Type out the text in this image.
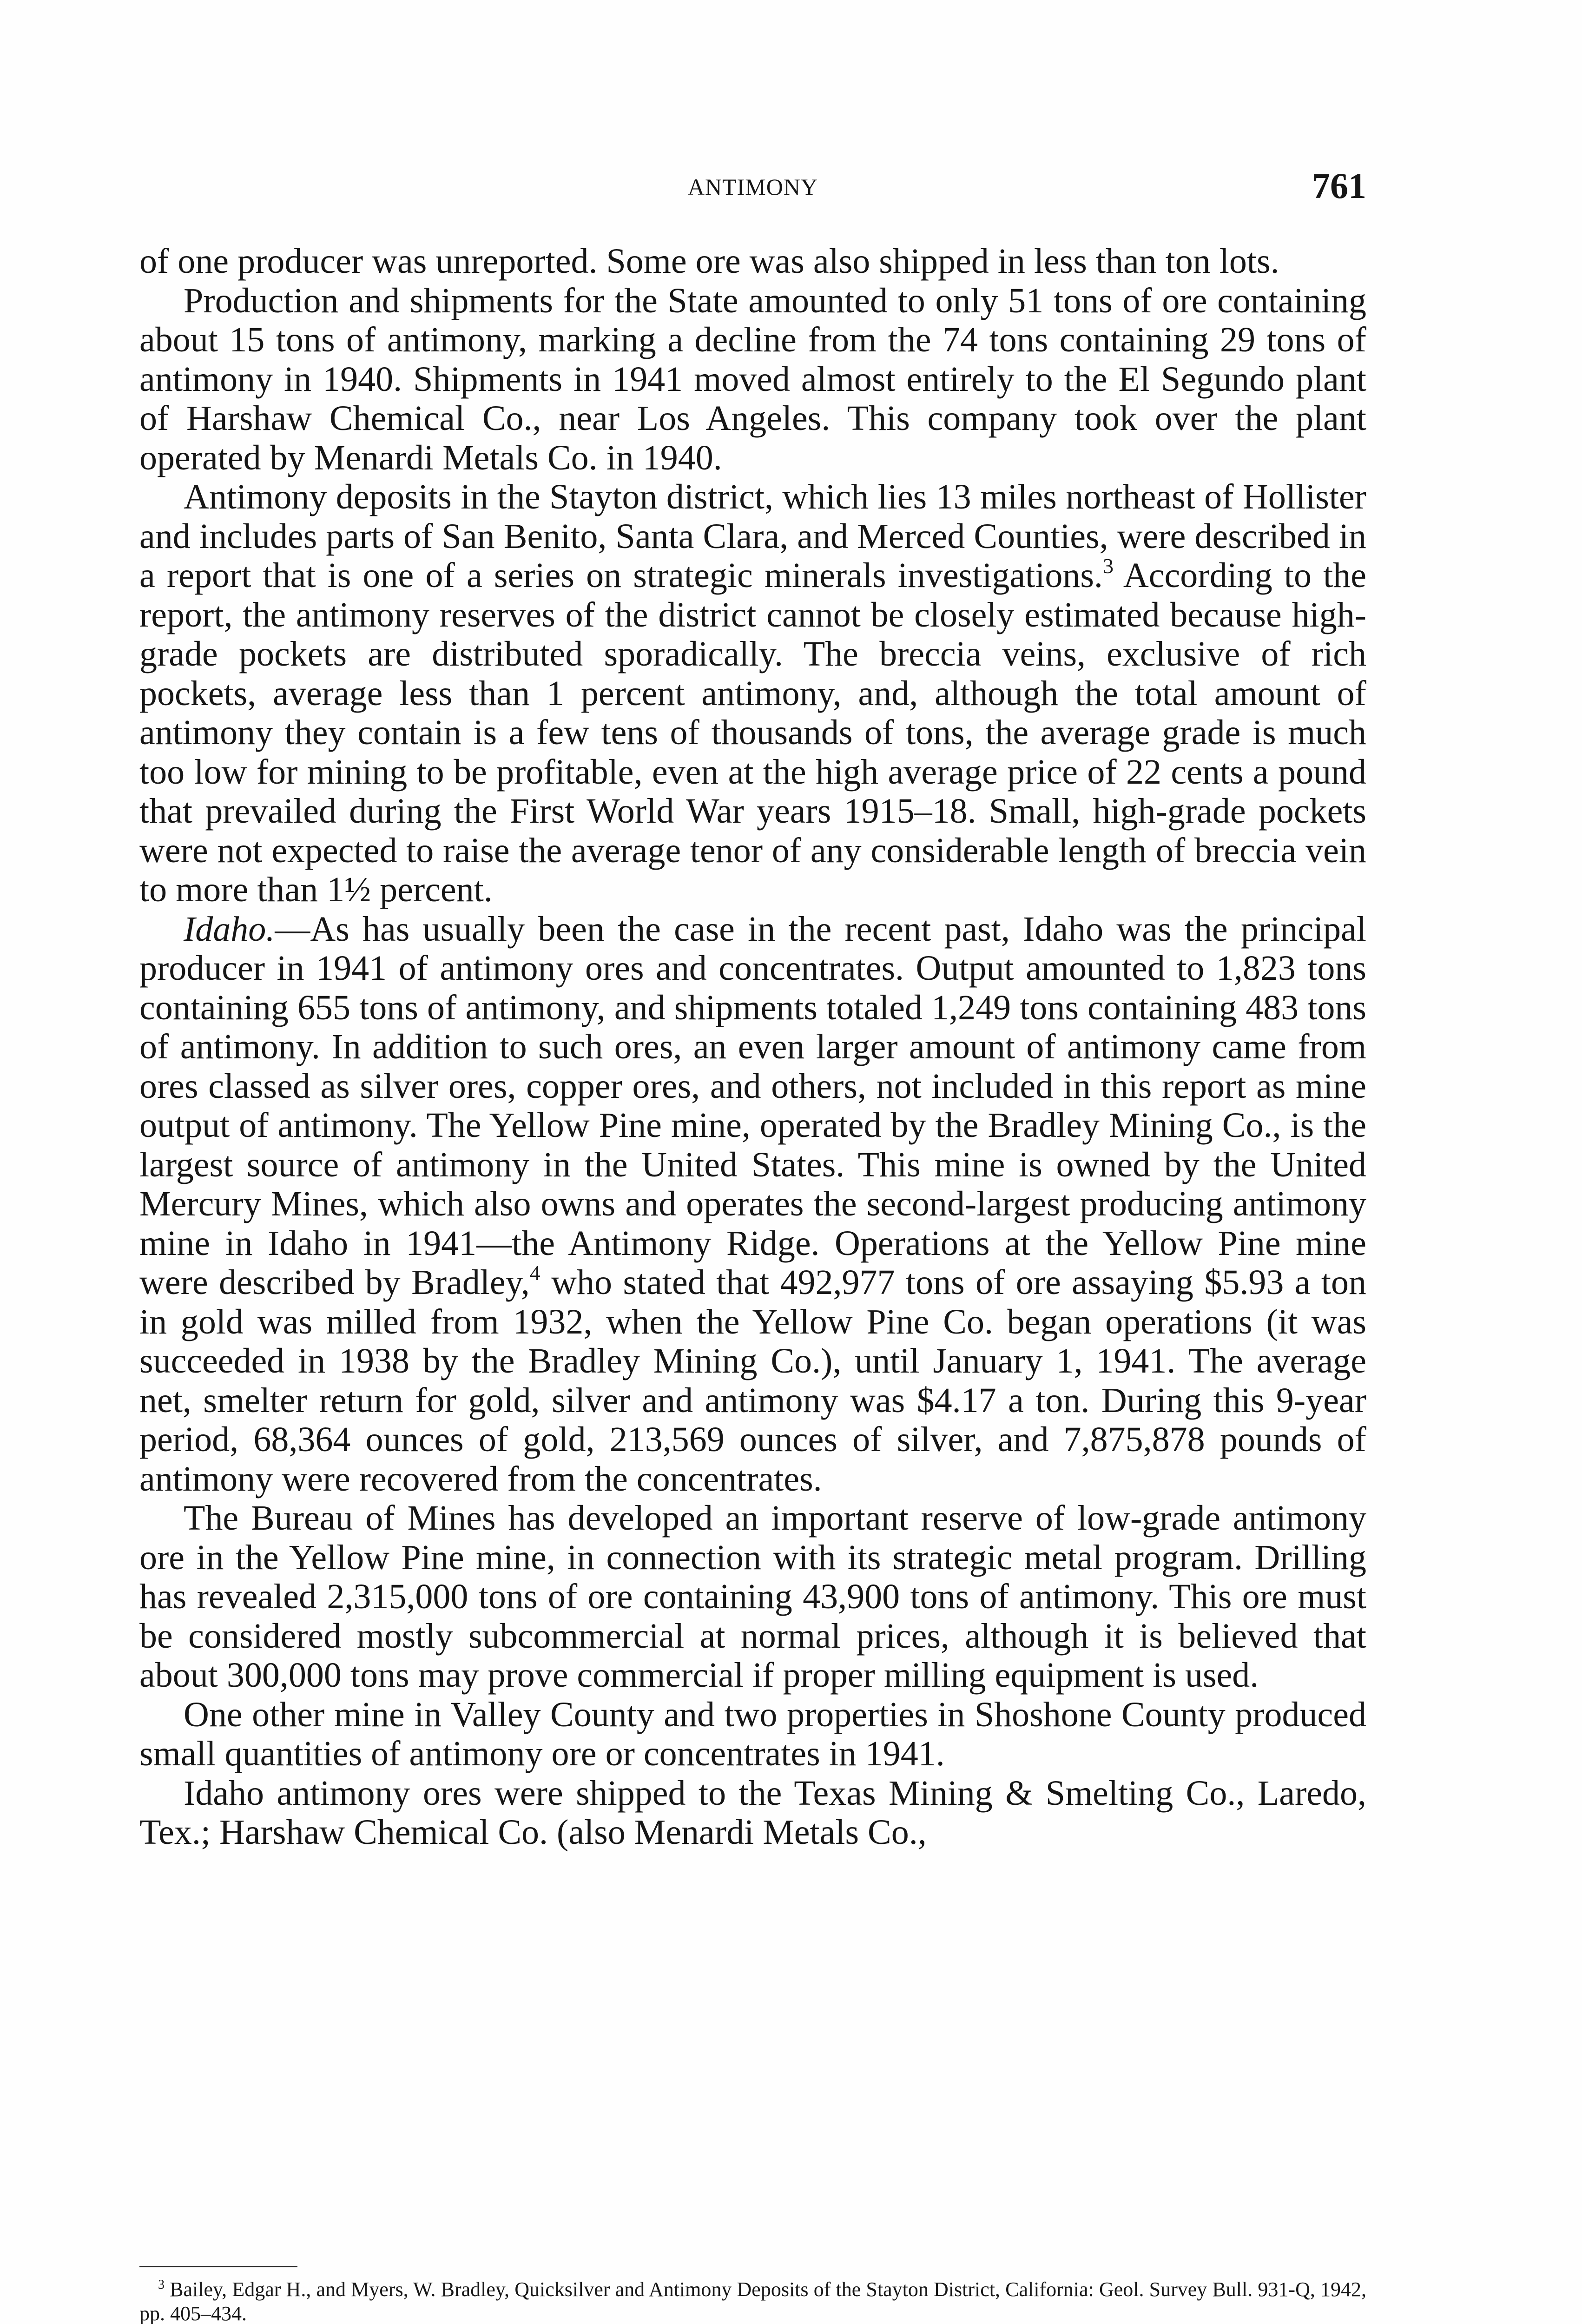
ANTIMONY	761

of one producer was unreported. Some ore was also shipped in less than ton lots.

Production and shipments for the State amounted to only 51 tons of ore containing about 15 tons of antimony, marking a decline from the 74 tons containing 29 tons of antimony in 1940. Shipments in 1941 moved almost entirely to the El Segundo plant of Harshaw Chemical Co., near Los Angeles. This company took over the plant operated by Menardi Metals Co. in 1940.

Antimony deposits in the Stayton district, which lies 13 miles northeast of Hollister and includes parts of San Benito, Santa Clara, and Merced Counties, were described in a report that is one of a series on strategic minerals investigations.$^3$ According to the report, the antimony reserves of the district cannot be closely estimated because high-grade pockets are distributed sporadically. The breccia veins, exclusive of rich pockets, average less than 1 percent antimony, and, although the total amount of antimony they contain is a few tens of thousands of tons, the average grade is much too low for mining to be profitable, even at the high average price of 22 cents a pound that prevailed during the First World War years 1915–18. Small, high-grade pockets were not expected to raise the average tenor of any considerable length of breccia vein to more than 1½ percent.

Idaho.—As has usually been the case in the recent past, Idaho was the principal producer in 1941 of antimony ores and concentrates. Output amounted to 1,823 tons containing 655 tons of antimony, and shipments totaled 1,249 tons containing 483 tons of antimony. In addition to such ores, an even larger amount of antimony came from ores classed as silver ores, copper ores, and others, not included in this report as mine output of antimony. The Yellow Pine mine, operated by the Bradley Mining Co., is the largest source of antimony in the United States. This mine is owned by the United Mercury Mines, which also owns and operates the second-largest producing antimony mine in Idaho in 1941—the Antimony Ridge. Operations at the Yellow Pine mine were described by Bradley,$^4$ who stated that 492,977 tons of ore assaying $5.93 a ton in gold was milled from 1932, when the Yellow Pine Co. began operations (it was succeeded in 1938 by the Bradley Mining Co.), until January 1, 1941. The average net, smelter return for gold, silver and antimony was $4.17 a ton. During this 9-year period, 68,364 ounces of gold, 213,569 ounces of silver, and 7,875,878 pounds of antimony were recovered from the concentrates.

The Bureau of Mines has developed an important reserve of low-grade antimony ore in the Yellow Pine mine, in connection with its strategic metal program. Drilling has revealed 2,315,000 tons of ore containing 43,900 tons of antimony. This ore must be considered mostly subcommercial at normal prices, although it is believed that about 300,000 tons may prove commercial if proper milling equipment is used.

One other mine in Valley County and two properties in Shoshone County produced small quantities of antimony ore or concentrates in 1941.

Idaho antimony ores were shipped to the Texas Mining & Smelting Co., Laredo, Tex.; Harshaw Chemical Co. (also Menardi Metals Co.,

$^3$ Bailey, Edgar H., and Myers, W. Bradley, Quicksilver and Antimony Deposits of the Stayton District, California: Geol. Survey Bull. 931-Q, 1942, pp. 405–434.
